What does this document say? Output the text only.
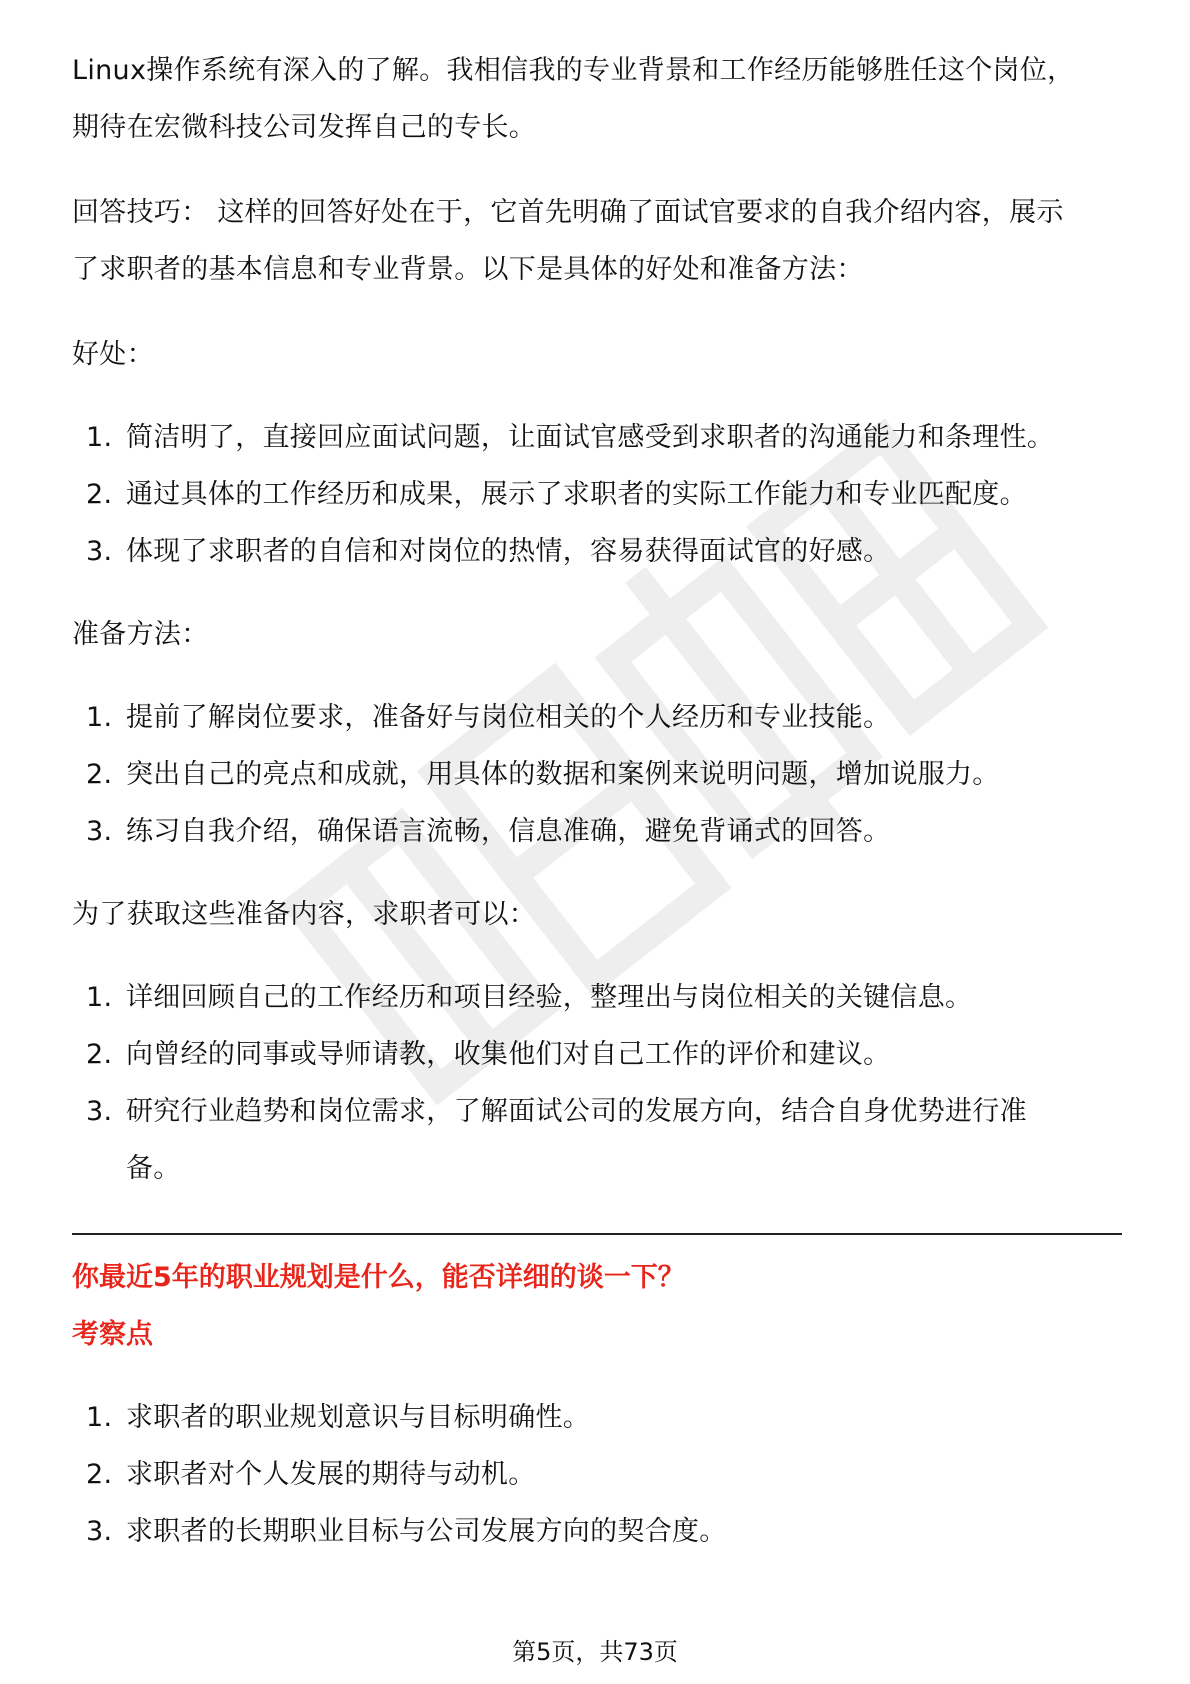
Linux操作系统有深入的了解。我相信我的专业背景和工作经历能够胜任这个岗位，

期待在宏微科技公司发挥自己的专长。

回答技巧： 这样的回答好处在于，它首先明确了面试官要求的自我介绍内容，展示

了求职者的基本信息和专业背景。以下是具体的好处和准备方法：

好处：

1. 简洁明了，直接回应面试问题，让面试官感受到求职者的沟通能力和条理性。
2. 通过具体的工作经历和成果，展示了求职者的实际工作能力和专业匹配度。
3. 体现了求职者的自信和对岗位的热情，容易获得面试官的好感。

准备方法：

1. 提前了解岗位要求，准备好与岗位相关的个人经历和专业技能。
2. 突出自己的亮点和成就，用具体的数据和案例来说明问题，增加说服力。
3. 练习自我介绍，确保语言流畅，信息准确，避免背诵式的回答。

为了获取这些准备内容，求职者可以：

1. 详细回顾自己的工作经历和项目经验，整理出与岗位相关的关键信息。
2. 向曾经的同事或导师请教，收集他们对自己工作的评价和建议。
3. 研究行业趋势和岗位需求，了解面试公司的发展方向，结合自身优势进行准
备。

你最近5年的职业规划是什么，能否详细的谈一下？

考察点

1. 求职者的职业规划意识与目标明确性。
2. 求职者对个人发展的期待与动机。
3. 求职者的长期职业目标与公司发展方向的契合度。
第5页，共73页
